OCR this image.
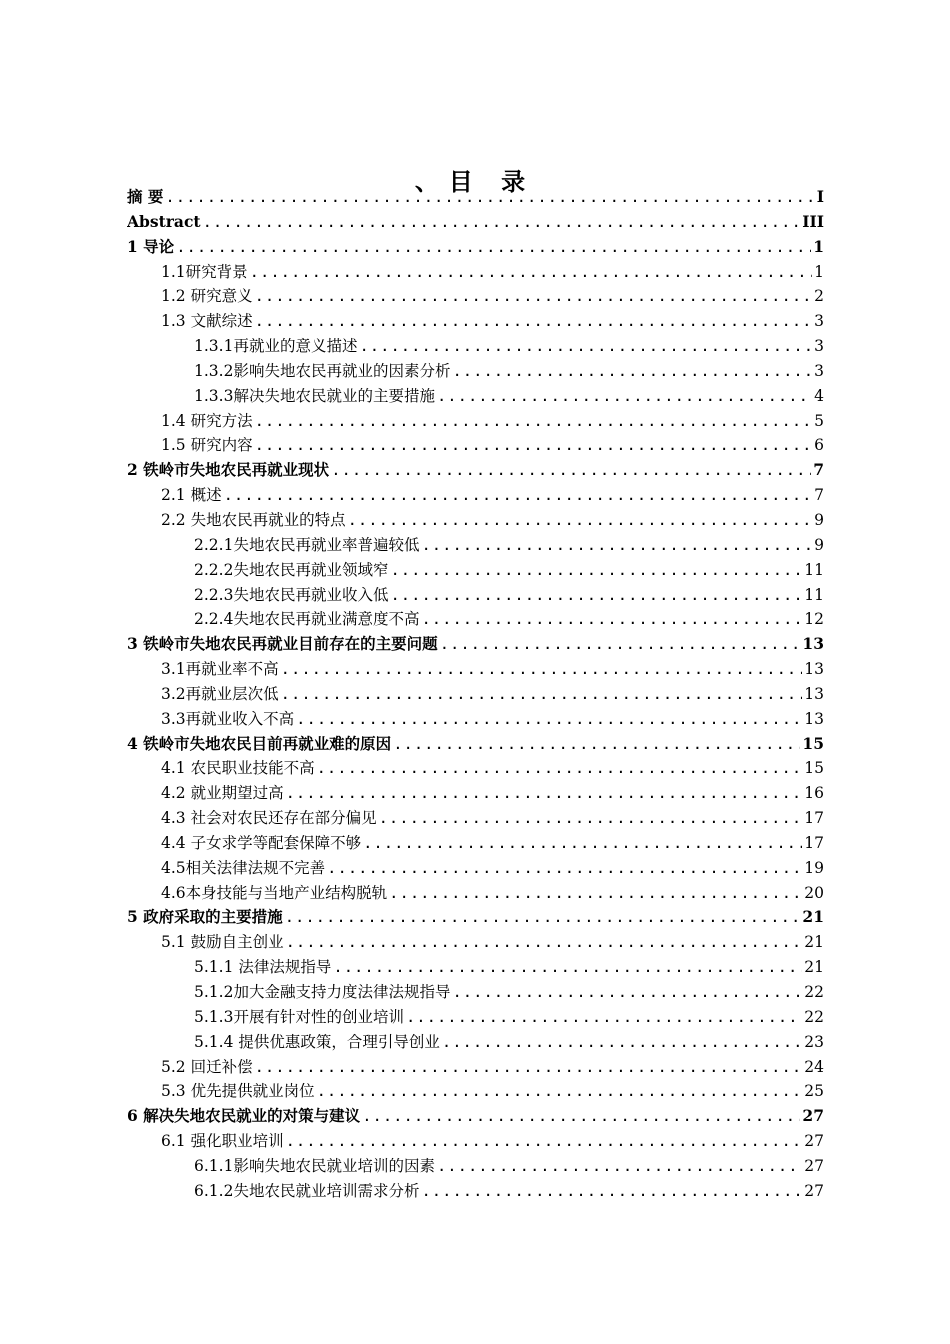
、目 录
摘 要 .....	I
Abstract .....	III
1 导论 .....	1
1.1研究背景 .....	1
1.2 研究意义 .....	2
1.3 文献综述 .....	3
1.3.1再就业的意义描述 .....	3
1.3.2影响失地农民再就业的因素分析 .....	3
1.3.3解决失地农民就业的主要措施 .....	4
1.4 研究方法 .....	5
1.5 研究内容 .....	6
2 铁岭市失地农民再就业现状 .....	7
2.1 概述 .....	7
2.2 失地农民再就业的特点 .....	9
2.2.1失地农民再就业率普遍较低 .....	9
2.2.2失地农民再就业领域窄 .....	11
2.2.3失地农民再就业收入低 .....	11
2.2.4失地农民再就业满意度不高 .....	12
3 铁岭市失地农民再就业目前存在的主要问题 .....	13
3.1再就业率不高 .....	13
3.2再就业层次低 .....	13
3.3再就业收入不高 .....	13
4 铁岭市失地农民目前再就业难的原因 .....	15
4.1 农民职业技能不高 .....	15
4.2 就业期望过高 .....	16
4.3 社会对农民还存在部分偏见 .....	17
4.4 子女求学等配套保障不够 .....	17
4.5相关法律法规不完善 .....	19
4.6本身技能与当地产业结构脱轨 .....	20
5 政府采取的主要措施 .....	21
5.1 鼓励自主创业 .....	21
5.1.1 法律法规指导 .....	21
5.1.2加大金融支持力度法律法规指导 .....	22
5.1.3开展有针对性的创业培训 .....	22
5.1.4 提供优惠政策，合理引导创业 .....	23
5.2 回迁补偿 .....	24
5.3 优先提供就业岗位 .....	25
6 解决失地农民就业的对策与建议 .....	27
6.1 强化职业培训 .....	27
6.1.1影响失地农民就业培训的因素 .....	27
6.1.2失地农民就业培训需求分析 .....	27
